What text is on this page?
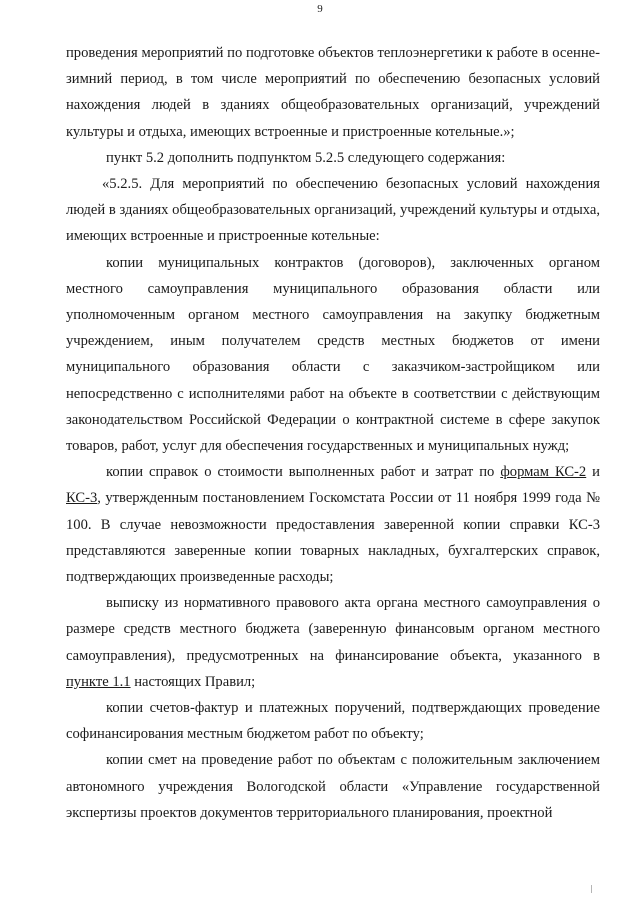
9

проведения мероприятий по подготовке объектов теплоэнергетики к работе в осенне-зимний период, в том числе мероприятий по обеспечению безопасных условий нахождения людей в зданиях общеобразовательных организаций, учреждений культуры и отдыха, имеющих встроенные и пристроенные котельные.»;

пункт 5.2 дополнить подпунктом 5.2.5 следующего содержания:

«5.2.5. Для мероприятий по обеспечению безопасных условий нахождения людей в зданиях общеобразовательных организаций, учреждений культуры и отдыха, имеющих встроенные и пристроенные котельные:

копии муниципальных контрактов (договоров), заключенных органом местного самоуправления муниципального образования области или уполномоченным органом местного самоуправления на закупку бюджетным учреждением, иным получателем средств местных бюджетов от имени муниципального образования области с заказчиком-застройщиком или непосредственно с исполнителями работ на объекте в соответствии с действующим законодательством Российской Федерации о контрактной системе в сфере закупок товаров, работ, услуг для обеспечения государственных и муниципальных нужд;

копии справок о стоимости выполненных работ и затрат по формам КС-2 и КС-3, утвержденным постановлением Госкомстата России от 11 ноября 1999 года № 100. В случае невозможности предоставления заверенной копии справки КС-3 представляются заверенные копии товарных накладных, бухгалтерских справок, подтверждающих произведенные расходы;

выписку из нормативного правового акта органа местного самоуправления о размере средств местного бюджета (заверенную финансовым органом местного самоуправления), предусмотренных на финансирование объекта, указанного в пункте 1.1 настоящих Правил;

копии счетов-фактур и платежных поручений, подтверждающих проведение софинансирования местным бюджетом работ по объекту;

копии смет на проведение работ по объектам с положительным заключением автономного учреждения Вологодской области «Управление государственной экспертизы проектов документов территориального планирования, проектной
